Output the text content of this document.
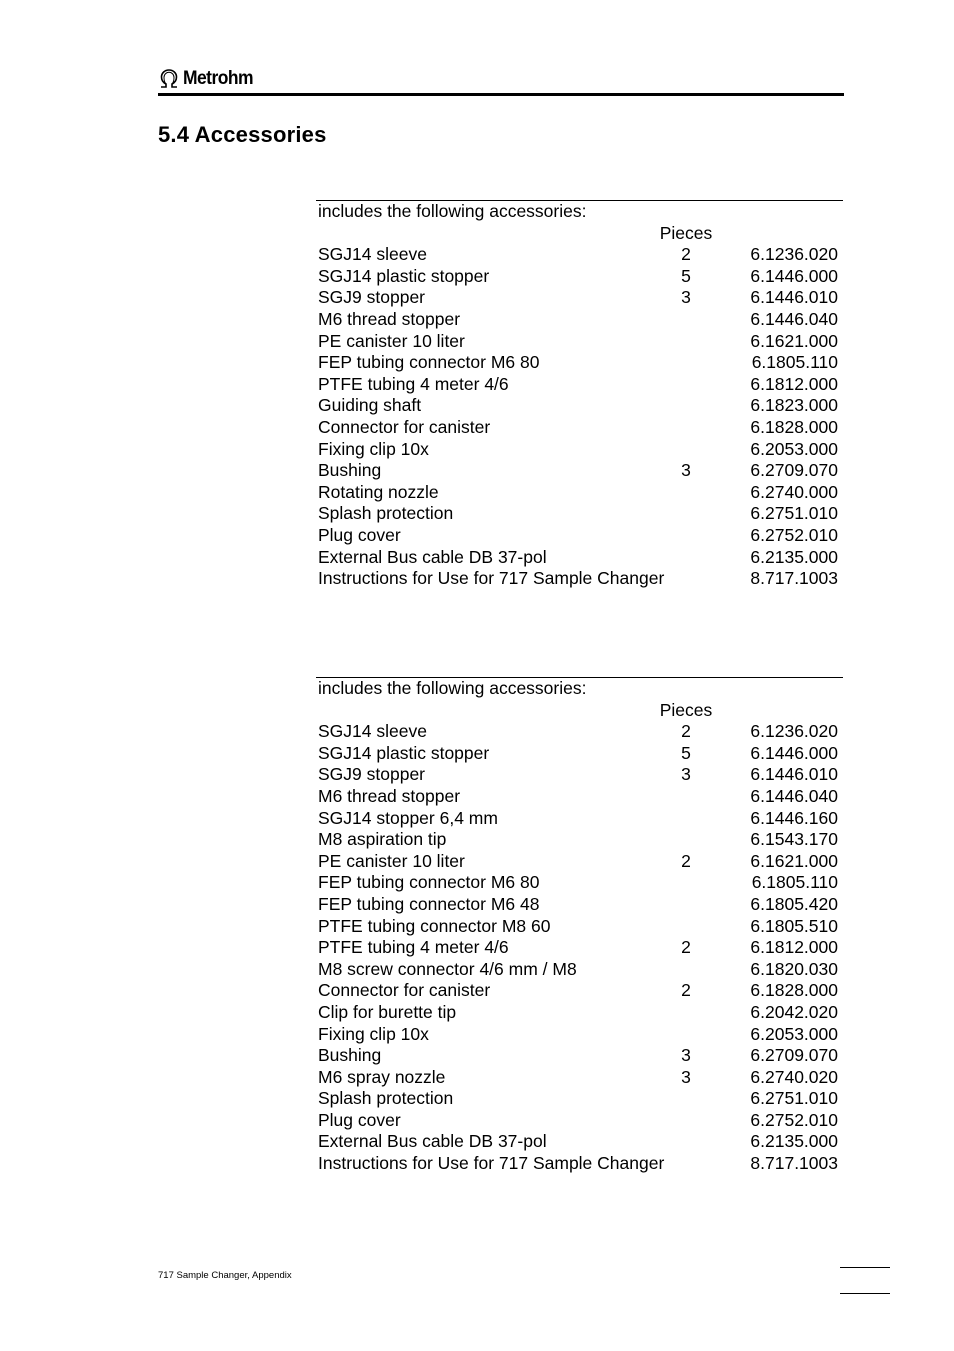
Metrohm
5.4 Accessories
includes the following accessories:
Pieces
SGJ14 sleeve	2	6.1236.020
SGJ14 plastic stopper	5	6.1446.000
SGJ9 stopper	3	6.1446.010
M6 thread stopper	6.1446.040
PE canister 10 liter	6.1621.000
FEP tubing connector M6 80	6.1805.110
PTFE tubing 4 meter 4/6	6.1812.000
Guiding shaft	6.1823.000
Connector for canister	6.1828.000
Fixing clip 10x	6.2053.000
Bushing	3	6.2709.070
Rotating nozzle	6.2740.000
Splash protection	6.2751.010
Plug cover	6.2752.010
External Bus cable DB 37-pol	6.2135.000
Instructions for Use for 717 Sample Changer	8.717.1003
includes the following accessories:
Pieces
SGJ14 sleeve	2	6.1236.020
SGJ14 plastic stopper	5	6.1446.000
SGJ9 stopper	3	6.1446.010
M6 thread stopper	6.1446.040
SGJ14 stopper 6,4 mm	6.1446.160
M8 aspiration tip	6.1543.170
PE canister 10 liter	2	6.1621.000
FEP tubing connector M6 80	6.1805.110
FEP tubing connector M6 48	6.1805.420
PTFE tubing connector M8 60	6.1805.510
PTFE tubing 4 meter 4/6	2	6.1812.000
M8 screw connector 4/6 mm / M8	6.1820.030
Connector for canister	2	6.1828.000
Clip for burette tip	6.2042.020
Fixing clip 10x	6.2053.000
Bushing	3	6.2709.070
M6 spray nozzle	3	6.2740.020
Splash protection	6.2751.010
Plug cover	6.2752.010
External Bus cable DB 37-pol	6.2135.000
Instructions for Use for 717 Sample Changer	8.717.1003
717 Sample Changer, Appendix
